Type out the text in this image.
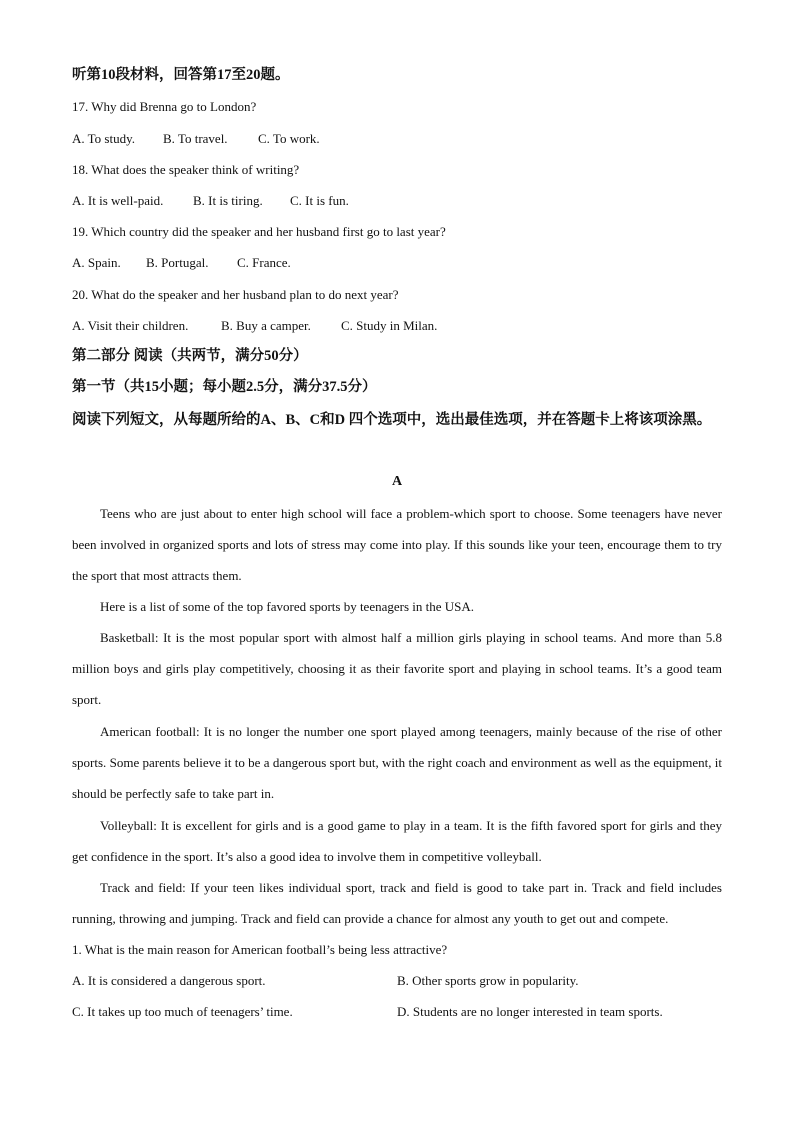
听第10段材料，回答第17至20题。
17. Why did Brenna go to London?
A. To study. B. To travel. C. To work.
18. What does the speaker think of writing?
A. It is well-paid. B. It is tiring. C. It is fun.
19. Which country did the speaker and her husband first go to last year?
A. Spain. B. Portugal. C. France.
20. What do the speaker and her husband plan to do next year?
A. Visit their children.	B. Buy a camper. C. Study in Milan.
第二部分 阅读（共两节，满分50分）
第一节（共15小题；每小题2.5分，满分37.5分）
阅读下列短文，从每题所给的A、B、C和D 四个选项中，选出最佳选项，并在答题卡上将该项涂黑。
A
Teens who are just about to enter high school will face a problem-which sport to choose. Some teenagers have never been involved in organized sports and lots of stress may come into play. If this sounds like your teen, encourage them to try the sport that most attracts them.
Here is a list of some of the top favored sports by teenagers in the USA.
Basketball: It is the most popular sport with almost half a million girls playing in school teams. And more than 5.8 million boys and girls play competitively, choosing it as their favorite sport and playing in school teams. It’s a good team sport.
American football: It is no longer the number one sport played among teenagers, mainly because of the rise of other sports. Some parents believe it to be a dangerous sport but, with the right coach and environment as well as the equipment, it should be perfectly safe to take part in.
Volleyball: It is excellent for girls and is a good game to play in a team. It is the fifth favored sport for girls and they get confidence in the sport. It’s also a good idea to involve them in competitive volleyball.
Track and field: If your teen likes individual sport, track and field is good to take part in. Track and field includes running, throwing and jumping. Track and field can provide a chance for almost any youth to get out and compete.
1. What is the main reason for American football’s being less attractive?
A. It is considered a dangerous sport.	B. Other sports grow in popularity.
C. It takes up too much of teenagers’ time.	D. Students are no longer interested in team sports.
